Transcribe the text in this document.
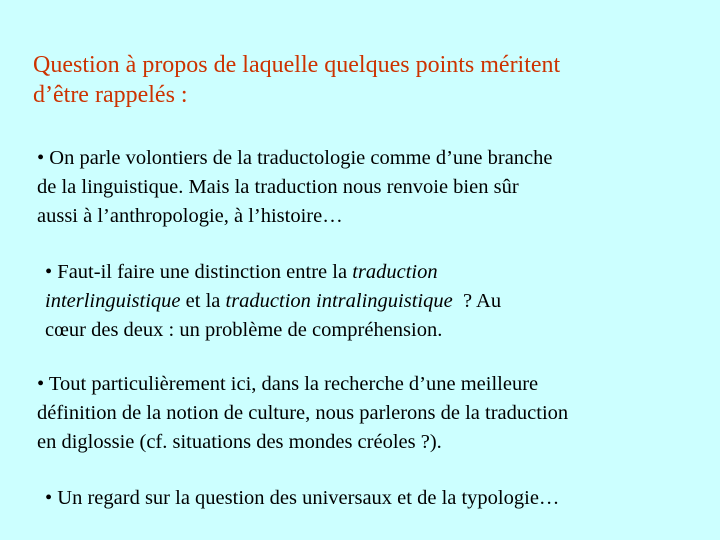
Question à propos de laquelle quelques points méritent
d’être rappelés :
• On parle volontiers de la traductologie comme d’une branche
de la linguistique. Mais la traduction nous renvoie bien sûr
aussi à l’anthropologie, à l’histoire…
• Faut-il faire une distinction entre la traduction
interlinguistique et la traduction intralinguistique  ? Au
cœur des deux : un problème de compréhension.
• Tout particulièrement ici, dans la recherche d’une meilleure
définition de la notion de culture, nous parlerons de la traduction
en diglossie (cf. situations des mondes créoles ?).
• Un regard sur la question des universaux et de la typologie…
